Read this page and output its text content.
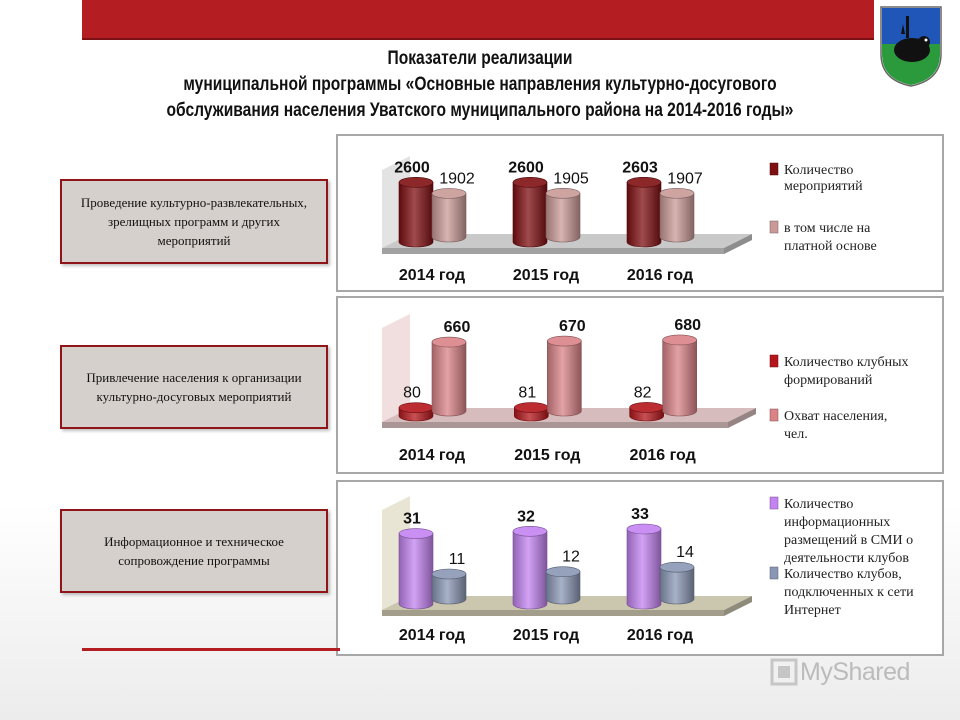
Показатели реализации
муниципальной программы «Основные направления культурно-досугового
обслуживания населения Уватского муниципального района на 2014-2016 годы»
Проведение культурно-развлекательных, зрелищных программ и других мероприятий
Привлечение населения к организации культурно-досуговых мероприятий
Информационное и техническое сопровождение программы
2600
1902
2014 год
2600
1905
2015 год
2603
1907
2016 год
Количество мероприятий
в том числе на платной основе
80
660
2014 год
81
670
2015 год
82
680
2016 год
Количество клубных формирований
Охват населения, чел.
31
11
2014 год
32
12
2015 год
33
14
2016 год
Количество информационных размещений в СМИ о деятельности клубов
Количество клубов, подключенных к сети Интернет
MyShared
